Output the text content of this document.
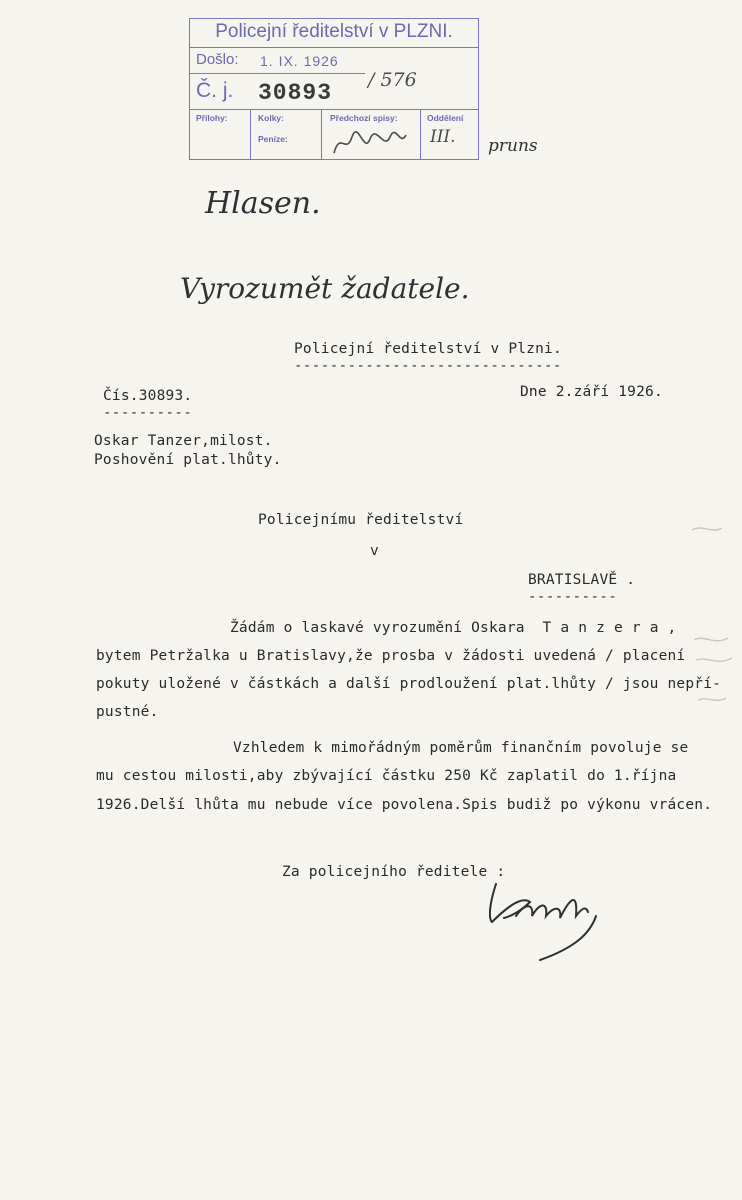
Policejní ředitelství v PLZNI.
Došlo: 1. IX. 1926
Č. j. 30893 / 576
Přílohy:	Kolky:
Peníze:
Předchozí spisy:	Oddělení
III. pruns
Hlasen.
Vyrozumět žadatele.
Policejní ředitelství v Plzni.
------------------------------
Čís.30893.
----------
Dne 2.září 1926.
Oskar Tanzer,milost.
Poshovění plat.lhůty.
Policejnímu ředitelství
v
BRATISLAVĚ .
----------
Žádám o laskavé vyrozumění Oskara  T a n z e r a ,
bytem Petržalka u Bratislavy,že prosba v žádosti uvedená / placení
pokuty uložené v částkách a další prodloužení plat.lhůty / jsou nepří-
pustné.
Vzhledem k mimořádným poměrům finančním povoluje se
mu cestou milosti,aby zbývající částku 250 Kč zaplatil do 1.října
1926.Delší lhůta mu nebude více povolena.Spis budiž po výkonu vrácen.
Za policejního ředitele :
